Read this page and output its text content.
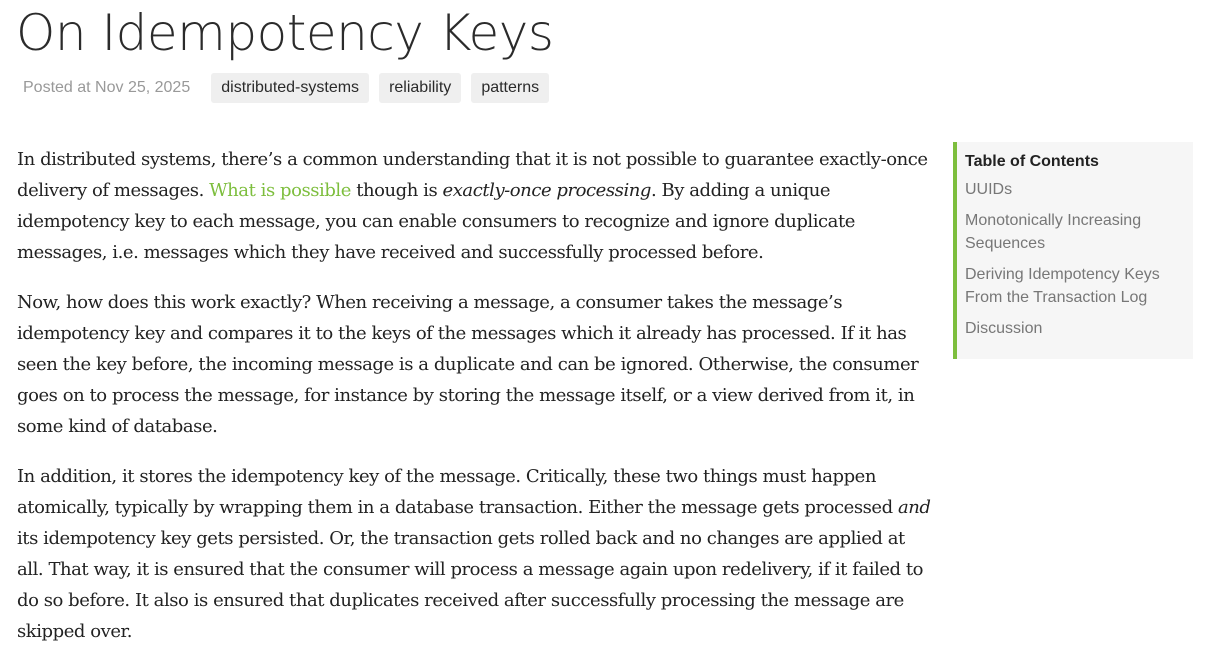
On Idempotency Keys
Posted at Nov 25, 2025	distributed-systems	reliability	patterns

In distributed systems, there’s a common understanding that it is not possible to guarantee exactly-once delivery of messages. What is possible though is exactly-once processing. By adding a unique idempotency key to each message, you can enable consumers to recognize and ignore duplicate messages, i.e. messages which they have received and successfully processed before.

Now, how does this work exactly? When receiving a message, a consumer takes the message’s idempotency key and compares it to the keys of the messages which it already has processed. If it has seen the key before, the incoming message is a duplicate and can be ignored. Otherwise, the consumer goes on to process the message, for instance by storing the message itself, or a view derived from it, in some kind of database.

In addition, it stores the idempotency key of the message. Critically, these two things must happen atomically, typically by wrapping them in a database transaction. Either the message gets processed and its idempotency key gets persisted. Or, the transaction gets rolled back and no changes are applied at all. That way, it is ensured that the consumer will process a message again upon redelivery, if it failed to do so before. It also is ensured that duplicates received after successfully processing the message are skipped over.

Table of Contents
UUIDs
Monotonically Increasing Sequences
Deriving Idempotency Keys From the Transaction Log
Discussion
